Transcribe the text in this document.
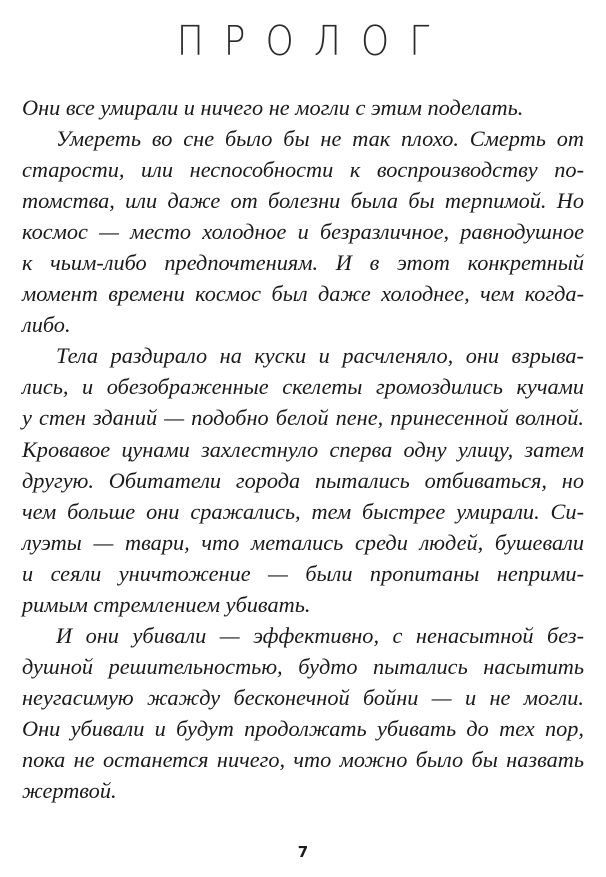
ПРОЛОГ
Они все умирали и ничего не могли с этим поделать.
Умереть во сне было бы не так плохо. Смерть от
старости, или неспособности к воспроизводству по-
томства, или даже от болезни была бы терпимой. Но
космос — место холодное и безразличное, равнодушное
к чьим-либо предпочтениям. И в этот конкретный
момент времени космос был даже холоднее, чем когда-
либо.
Тела раздирало на куски и расчленяло, они взрыва-
лись, и обезображенные скелеты громоздились кучами
у стен зданий — подобно белой пене, принесенной волной.
Кровавое цунами захлестнуло сперва одну улицу, затем
другую. Обитатели города пытались отбиваться, но
чем больше они сражались, тем быстрее умирали. Си-
луэты — твари, что метались среди людей, бушевали
и сеяли уничтожение — были пропитаны неприми-
римым стремлением убивать.
И они убивали — эффективно, с ненасытной без-
душной решительностью, будто пытались насытить
неугасимую жажду бесконечной бойни — и не могли.
Они убивали и будут продолжать убивать до тех пор,
пока не останется ничего, что можно было бы назвать
жертвой.
7
